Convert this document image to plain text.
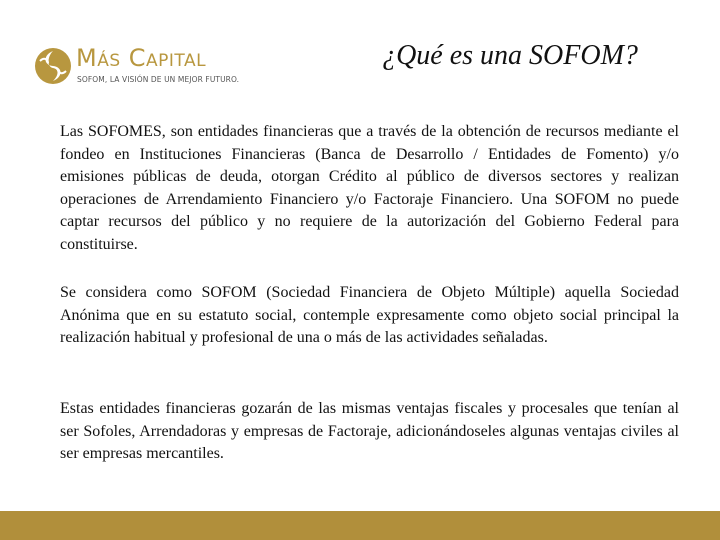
Más Capital
SOFOM, LA VISIÓN DE UN MEJOR FUTURO.
¿Qué es una SOFOM?

Las SOFOMES, son entidades financieras que a través de la obtención de recursos mediante el fondeo en Instituciones Financieras (Banca de Desarrollo / Entidades de Fomento) y/o emisiones públicas de deuda, otorgan Crédito al público de diversos sectores y realizan operaciones de Arrendamiento Financiero y/o Factoraje Financiero. Una SOFOM no puede captar recursos del público y no requiere de la autorización del Gobierno Federal para constituirse.

Se considera como SOFOM (Sociedad Financiera de Objeto Múltiple) aquella Sociedad Anónima que en su estatuto social, contemple expresamente como objeto social principal la realización habitual y profesional de una o más de las actividades señaladas.

Estas entidades financieras gozarán de las mismas ventajas fiscales y procesales que tenían al ser Sofoles, Arrendadoras y empresas de Factoraje, adicionándoseles algunas ventajas civiles al ser empresas mercantiles.
